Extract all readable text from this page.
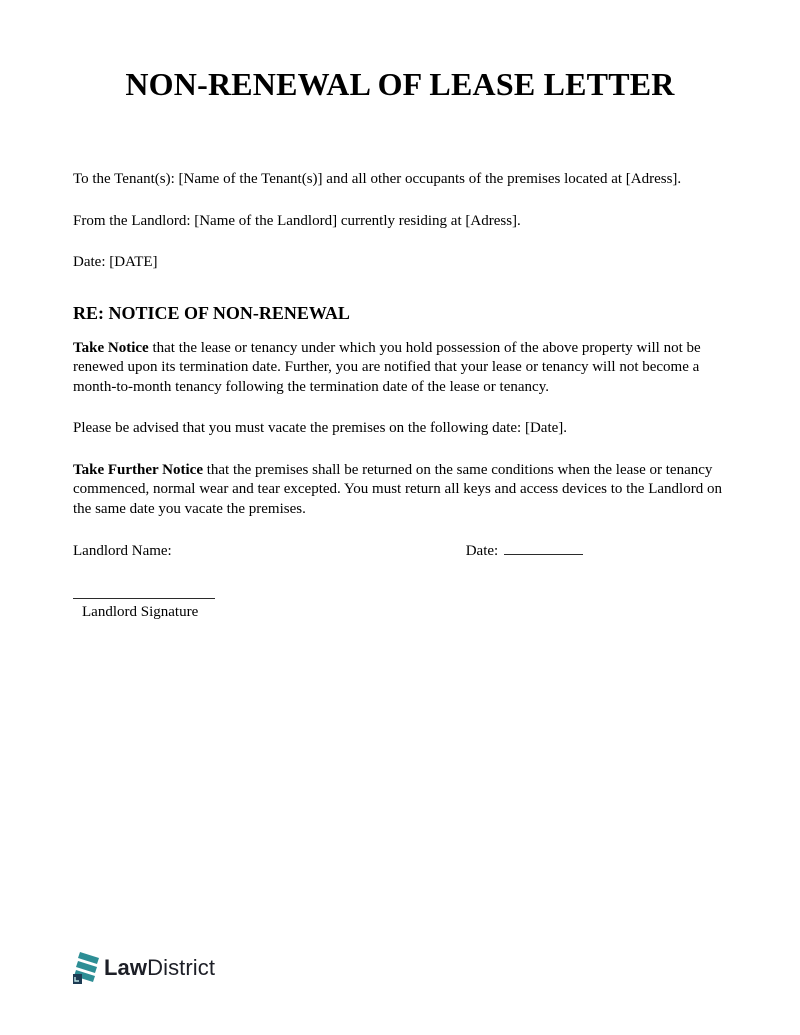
NON-RENEWAL OF LEASE LETTER

To the Tenant(s): [Name of the Tenant(s)] and all other occupants of the premises located at [Adress].

From the Landlord: [Name of the Landlord] currently residing at [Adress].

Date: [DATE]

RE: NOTICE OF NON-RENEWAL

Take Notice that the lease or tenancy under which you hold possession of the above property will not be renewed upon its termination date. Further, you are notified that your lease or tenancy will not become a month-to-month tenancy following the termination date of the lease or tenancy.

Please be advised that you must vacate the premises on the following date: [Date].

Take Further Notice that the premises shall be returned on the same conditions when the lease or tenancy commenced, normal wear and tear excepted. You must return all keys and access devices to the Landlord on the same date you vacate the premises.

Landlord Name:	Date:
Landlord Signature
LawDistrict
